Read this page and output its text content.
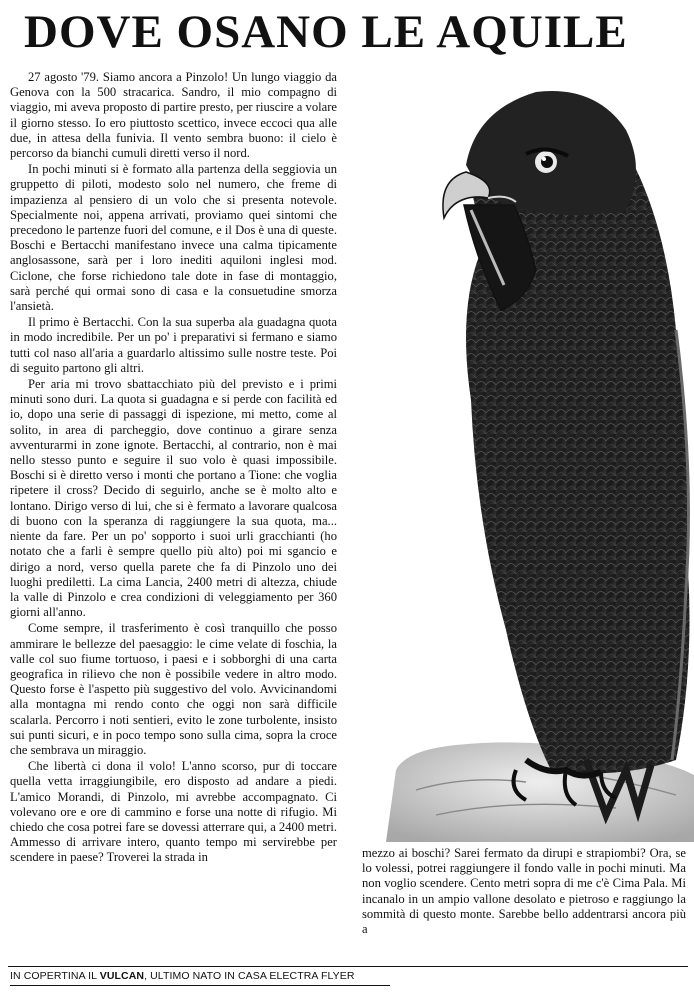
DOVE OSANO LE AQUILE

27 agosto '79. Siamo ancora a Pinzolo! Un lungo viaggio da Genova con la 500 stracarica. Sandro, il mio compagno di viaggio, mi aveva proposto di partire presto, per riuscire a volare il giorno stesso. Io ero piuttosto scettico, invece eccoci qua alle due, in attesa della funivia. Il vento sembra buono: il cielo è percorso da bianchi cumuli diretti verso il nord.

In pochi minuti si è formato alla partenza della seggiovia un gruppetto di piloti, modesto solo nel numero, che freme di impazienza al pensiero di un volo che si presenta notevole. Specialmente noi, appena arrivati, proviamo quei sintomi che precedono le partenze fuori del comune, e il Dos è una di queste. Boschi e Bertacchi manifestano invece una calma tipicamente anglosassone, sarà per i loro inediti aquiloni inglesi mod. Ciclone, che forse richiedono tale dote in fase di montaggio, sarà perché qui ormai sono di casa e la consuetudine smorza l'ansietà.

Il primo è Bertacchi. Con la sua superba ala guadagna quota in modo incredibile. Per un po' i preparativi si fermano e siamo tutti col naso all'aria a guardarlo altissimo sulle nostre teste. Poi di seguito partono gli altri.

Per aria mi trovo sbattacchiato più del previsto e i primi minuti sono duri. La quota si guadagna e si perde con facilità ed io, dopo una serie di passaggi di ispezione, mi metto, come al solito, in area di parcheggio, dove continuo a girare senza avventurarmi in zone ignote. Bertacchi, al contrario, non è mai nello stesso punto e seguire il suo volo è quasi impossibile. Boschi si è diretto verso i monti che portano a Tione: che voglia ripetere il cross? Decido di seguirlo, anche se è molto alto e lontano. Dirigo verso di lui, che si è fermato a lavorare qualcosa di buono con la speranza di raggiungere la sua quota, ma... niente da fare. Per un po' sopporto i suoi urli gracchianti (ho notato che a farli è sempre quello più alto) poi mi sgancio e dirigo a nord, verso quella parete che fa di Pinzolo uno dei luoghi prediletti. La cima Lancia, 2400 metri di altezza, chiude la valle di Pinzolo e crea condizioni di veleggiamento per 360 giorni all'anno.

Come sempre, il trasferimento è così tranquillo che posso ammirare le bellezze del paesaggio: le cime velate di foschia, la valle col suo fiume tortuoso, i paesi e i sobborghi di una carta geografica in rilievo che non è possibile vedere in altro modo. Questo forse è l'aspetto più suggestivo del volo. Avvicinandomi alla montagna mi rendo conto che oggi non sarà difficile scalarla. Percorro i noti sentieri, evito le zone turbolente, insisto sui punti sicuri, e in poco tempo sono sulla cima, sopra la croce che sembrava un miraggio.

Che libertà ci dona il volo! L'anno scorso, pur di toccare quella vetta irraggiungibile, ero disposto ad andare a piedi. L'amico Morandi, di Pinzolo, mi avrebbe accompagnato. Ci volevano ore e ore di cammino e forse una notte di rifugio. Mi chiedo che cosa potrei fare se dovessi atterrare qui, a 2400 metri. Ammesso di arrivare intero, quanto tempo mi servirebbe per scendere in paese? Troverei la strada in	mezzo ai boschi? Sarei fermato da dirupi e strapiombi? Ora, se lo volessi, potrei raggiungere il fondo valle in pochi minuti. Ma non voglio scendere. Cento metri sopra di me c'è Cima Pala. Mi incanalo in un ampio vallone desolato e pietroso e raggiungo la sommità di questo monte. Sarebbe bello addentrarsi ancora più a

IN COPERTINA IL VULCAN, ULTIMO NATO IN CASA ELECTRA FLYER
